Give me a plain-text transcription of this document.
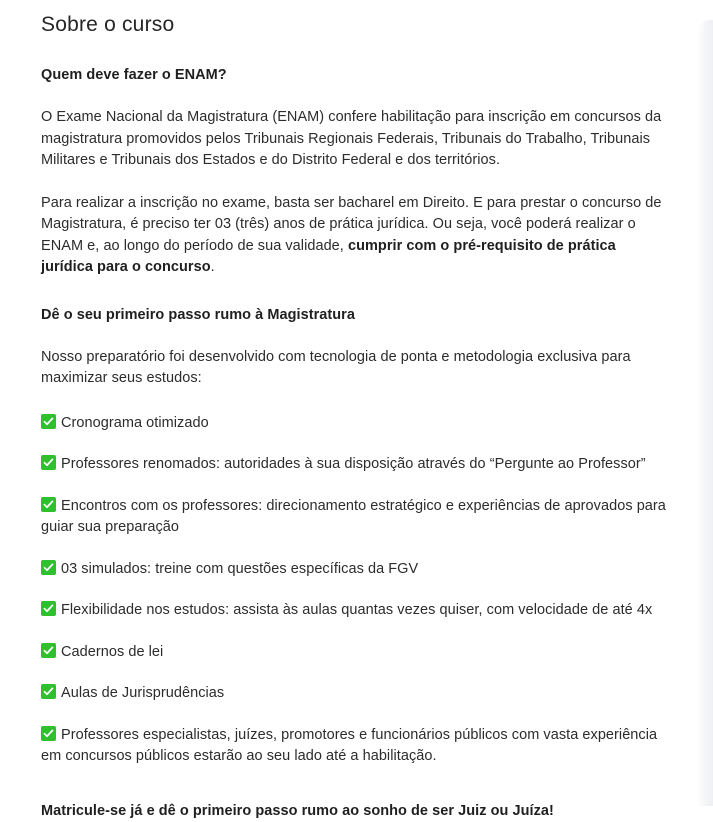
Sobre o curso
Quem deve fazer o ENAM?

O Exame Nacional da Magistratura (ENAM) confere habilitação para inscrição em concursos da magistratura promovidos pelos Tribunais Regionais Federais, Tribunais do Trabalho, Tribunais Militares e Tribunais dos Estados e do Distrito Federal e dos territórios.

Para realizar a inscrição no exame, basta ser bacharel em Direito. E para prestar o concurso de Magistratura, é preciso ter 03 (três) anos de prática jurídica. Ou seja, você poderá realizar o ENAM e, ao longo do período de sua validade, cumprir com o pré-requisito de prática jurídica para o concurso.

Dê o seu primeiro passo rumo à Magistratura

Nosso preparatório foi desenvolvido com tecnologia de ponta e metodologia exclusiva para maximizar seus estudos:

Cronograma otimizado
Professores renomados: autoridades à sua disposição através do “Pergunte ao Professor”
Encontros com os professores: direcionamento estratégico e experiências de aprovados para guiar sua preparação
03 simulados: treine com questões específicas da FGV
Flexibilidade nos estudos: assista às aulas quantas vezes quiser, com velocidade de até 4x
Cadernos de lei
Aulas de Jurisprudências
Professores especialistas, juízes, promotores e funcionários públicos com vasta experiência em concursos públicos estarão ao seu lado até a habilitação.

Matricule-se já e dê o primeiro passo rumo ao sonho de ser Juiz ou Juíza!
